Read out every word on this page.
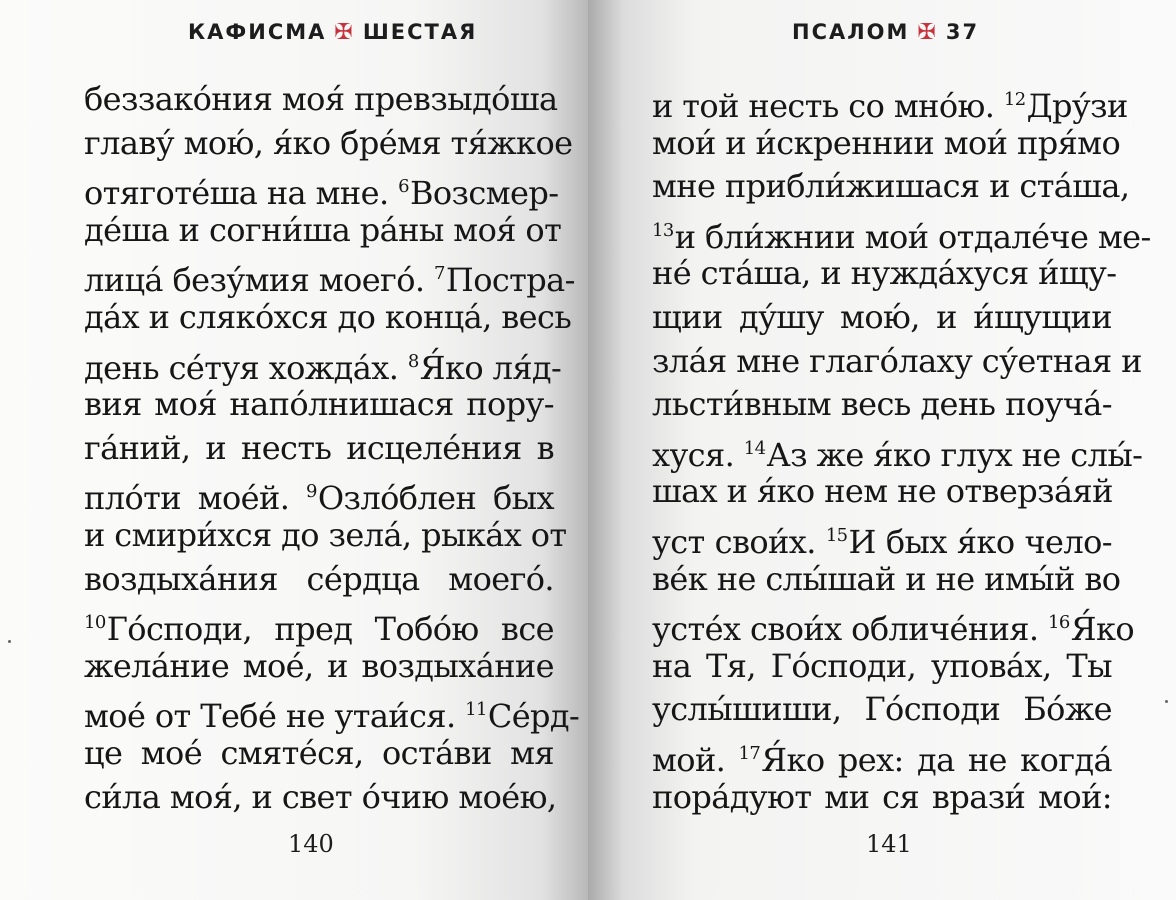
КАФИСМА ✠ ШЕСТАЯ
беззако́ния моя́ превзыдо́ша
главу́ мою́, я́ко бре́мя тя́жкое
отяготе́ша на мне. $^6$Возсмер-
де́ша и согни́ша ра́ны моя́ от
лица́ безу́мия моего́. $^7$Пострa-
да́х и сляко́хся до конца́, весь
день се́туя хожда́х. $^8$Я́ко ля́д-
вия моя́ напо́лнишася пору-
га́ний, и несть исцеле́ния в
пло́ти мое́й. $^9$Озло́блен бых
и смири́хся до зела́, рыка́х от
воздыха́ния се́рдца моего́.
$^{10}$Го́споди, пред Тобо́ю все
жела́ние мое́, и воздыха́ние
мое́ от Тебе́ не утаи́ся. $^{11}$Се́рд-
це мое́ смяте́ся, оста́ви мя
си́ла моя́, и свет о́чию мое́ю,
140
ПСАЛОМ ✠ 37
и той несть со мно́ю. $^{12}$Дру́зи
мои́ и и́скреннии мои́ пря́мо
мне прибли́жишася и ста́ша,
$^{13}$и бли́жнии мои́ отдале́че ме-
не́ ста́ша, и нужда́хуся и́щу-
щии ду́шу мою́, и и́щущии
зла́я мне глаго́лаху су́етная и
льсти́вным весь день поуча́-
хуся. $^{14}$Аз же я́ко глух не слы́-
шах и я́ко нем не отверза́яй
уст свои́х. $^{15}$И бых я́ко чело-
ве́к не слы́шай и не имы́й во
усте́х свои́х обличе́ния. $^{16}$Я́ко
на Тя, Го́споди, упова́х, Ты
услы́шиши, Го́споди Бо́же
мой. $^{17}$Я́ко рех: да не когда́
пора́дуют ми ся врази́ мои́:
141
